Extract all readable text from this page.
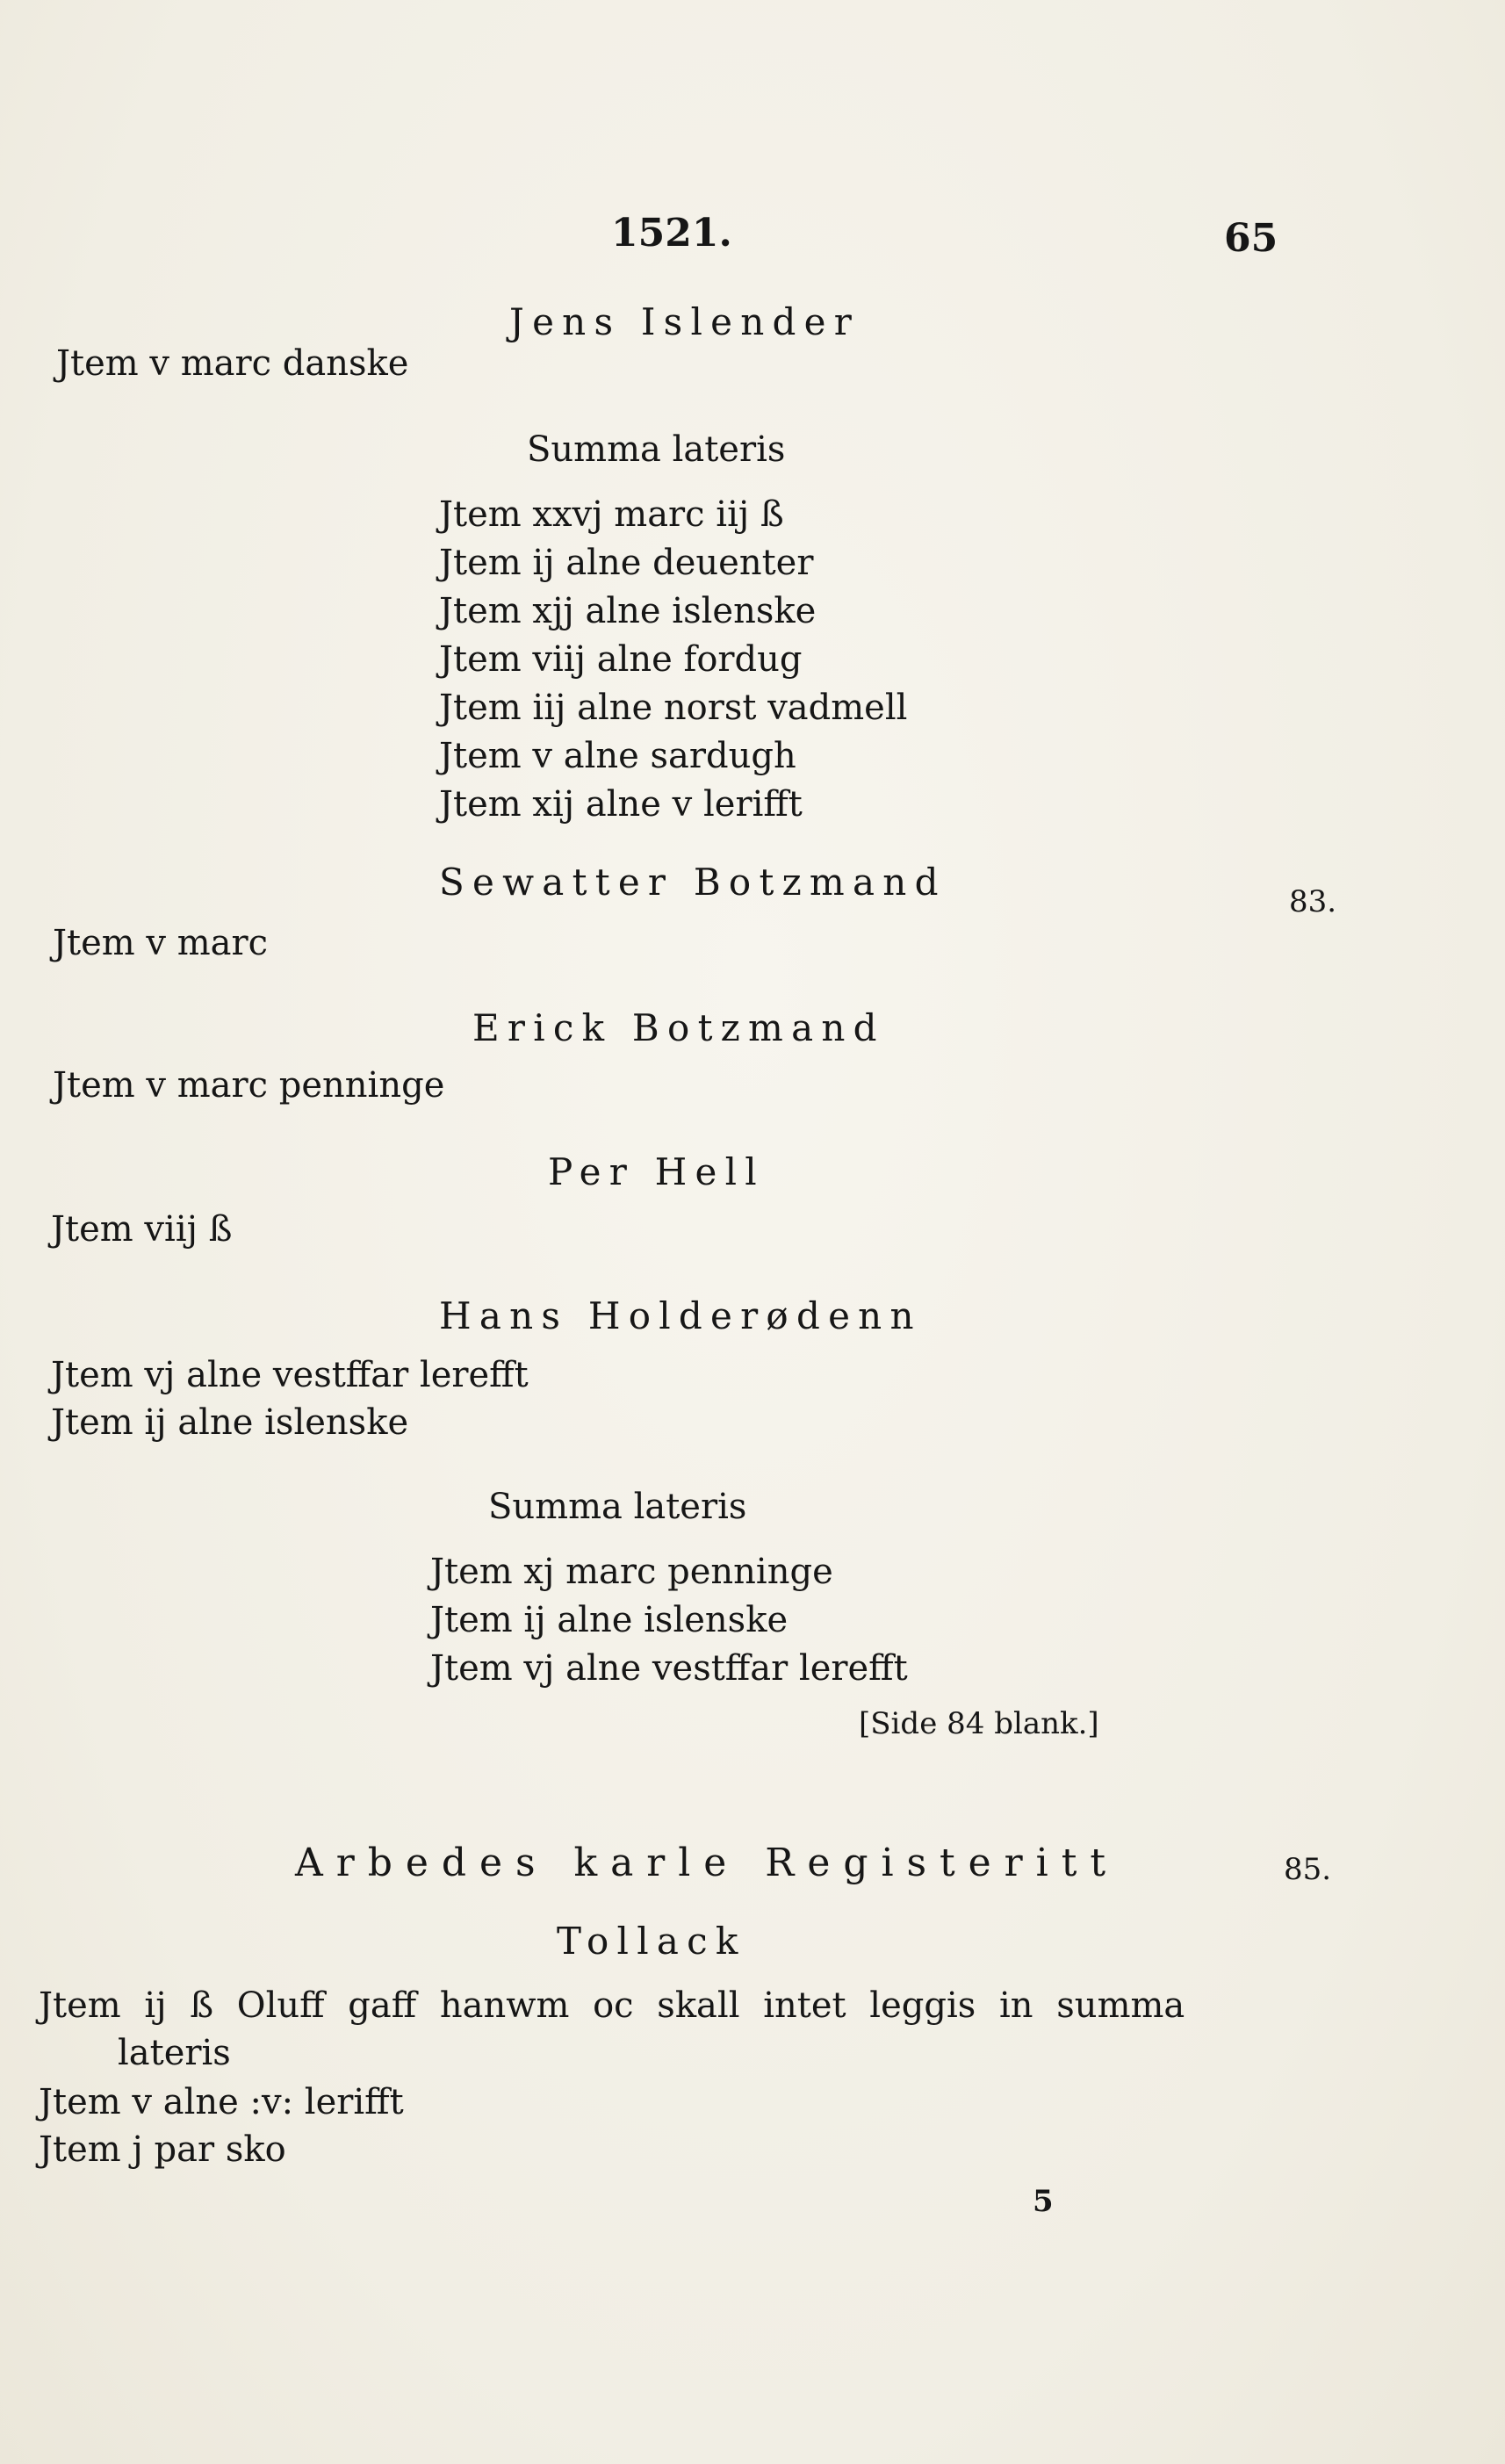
1521.	65
Jens Islender
Jtem v marc danske
Summa lateris
Jtem xxvj marc iij ß
Jtem ij alne deuenter
Jtem xjj alne islenske
Jtem viij alne fordug
Jtem iij alne norst vadmell
Jtem v alne sardugh
Jtem xij alne v lerifft
Sewatter Botzmand	83.
Jtem v marc
Erick Botzmand
Jtem v marc penninge
Per Hell
Jtem viij ß
Hans Holderødenn
Jtem vj alne vestffar lerefft
Jtem ij alne islenske
Summa lateris
Jtem xj marc penninge
Jtem ij alne islenske
Jtem vj alne vestffar lerefft
[Side 84 blank.]
Arbedes karle Registeritt	85.
Tollack
Jtem ij ß Oluff gaff hanwm oc skall intet leggis in summa
lateris
Jtem v alne :v: lerifft
Jtem j par sko
5
